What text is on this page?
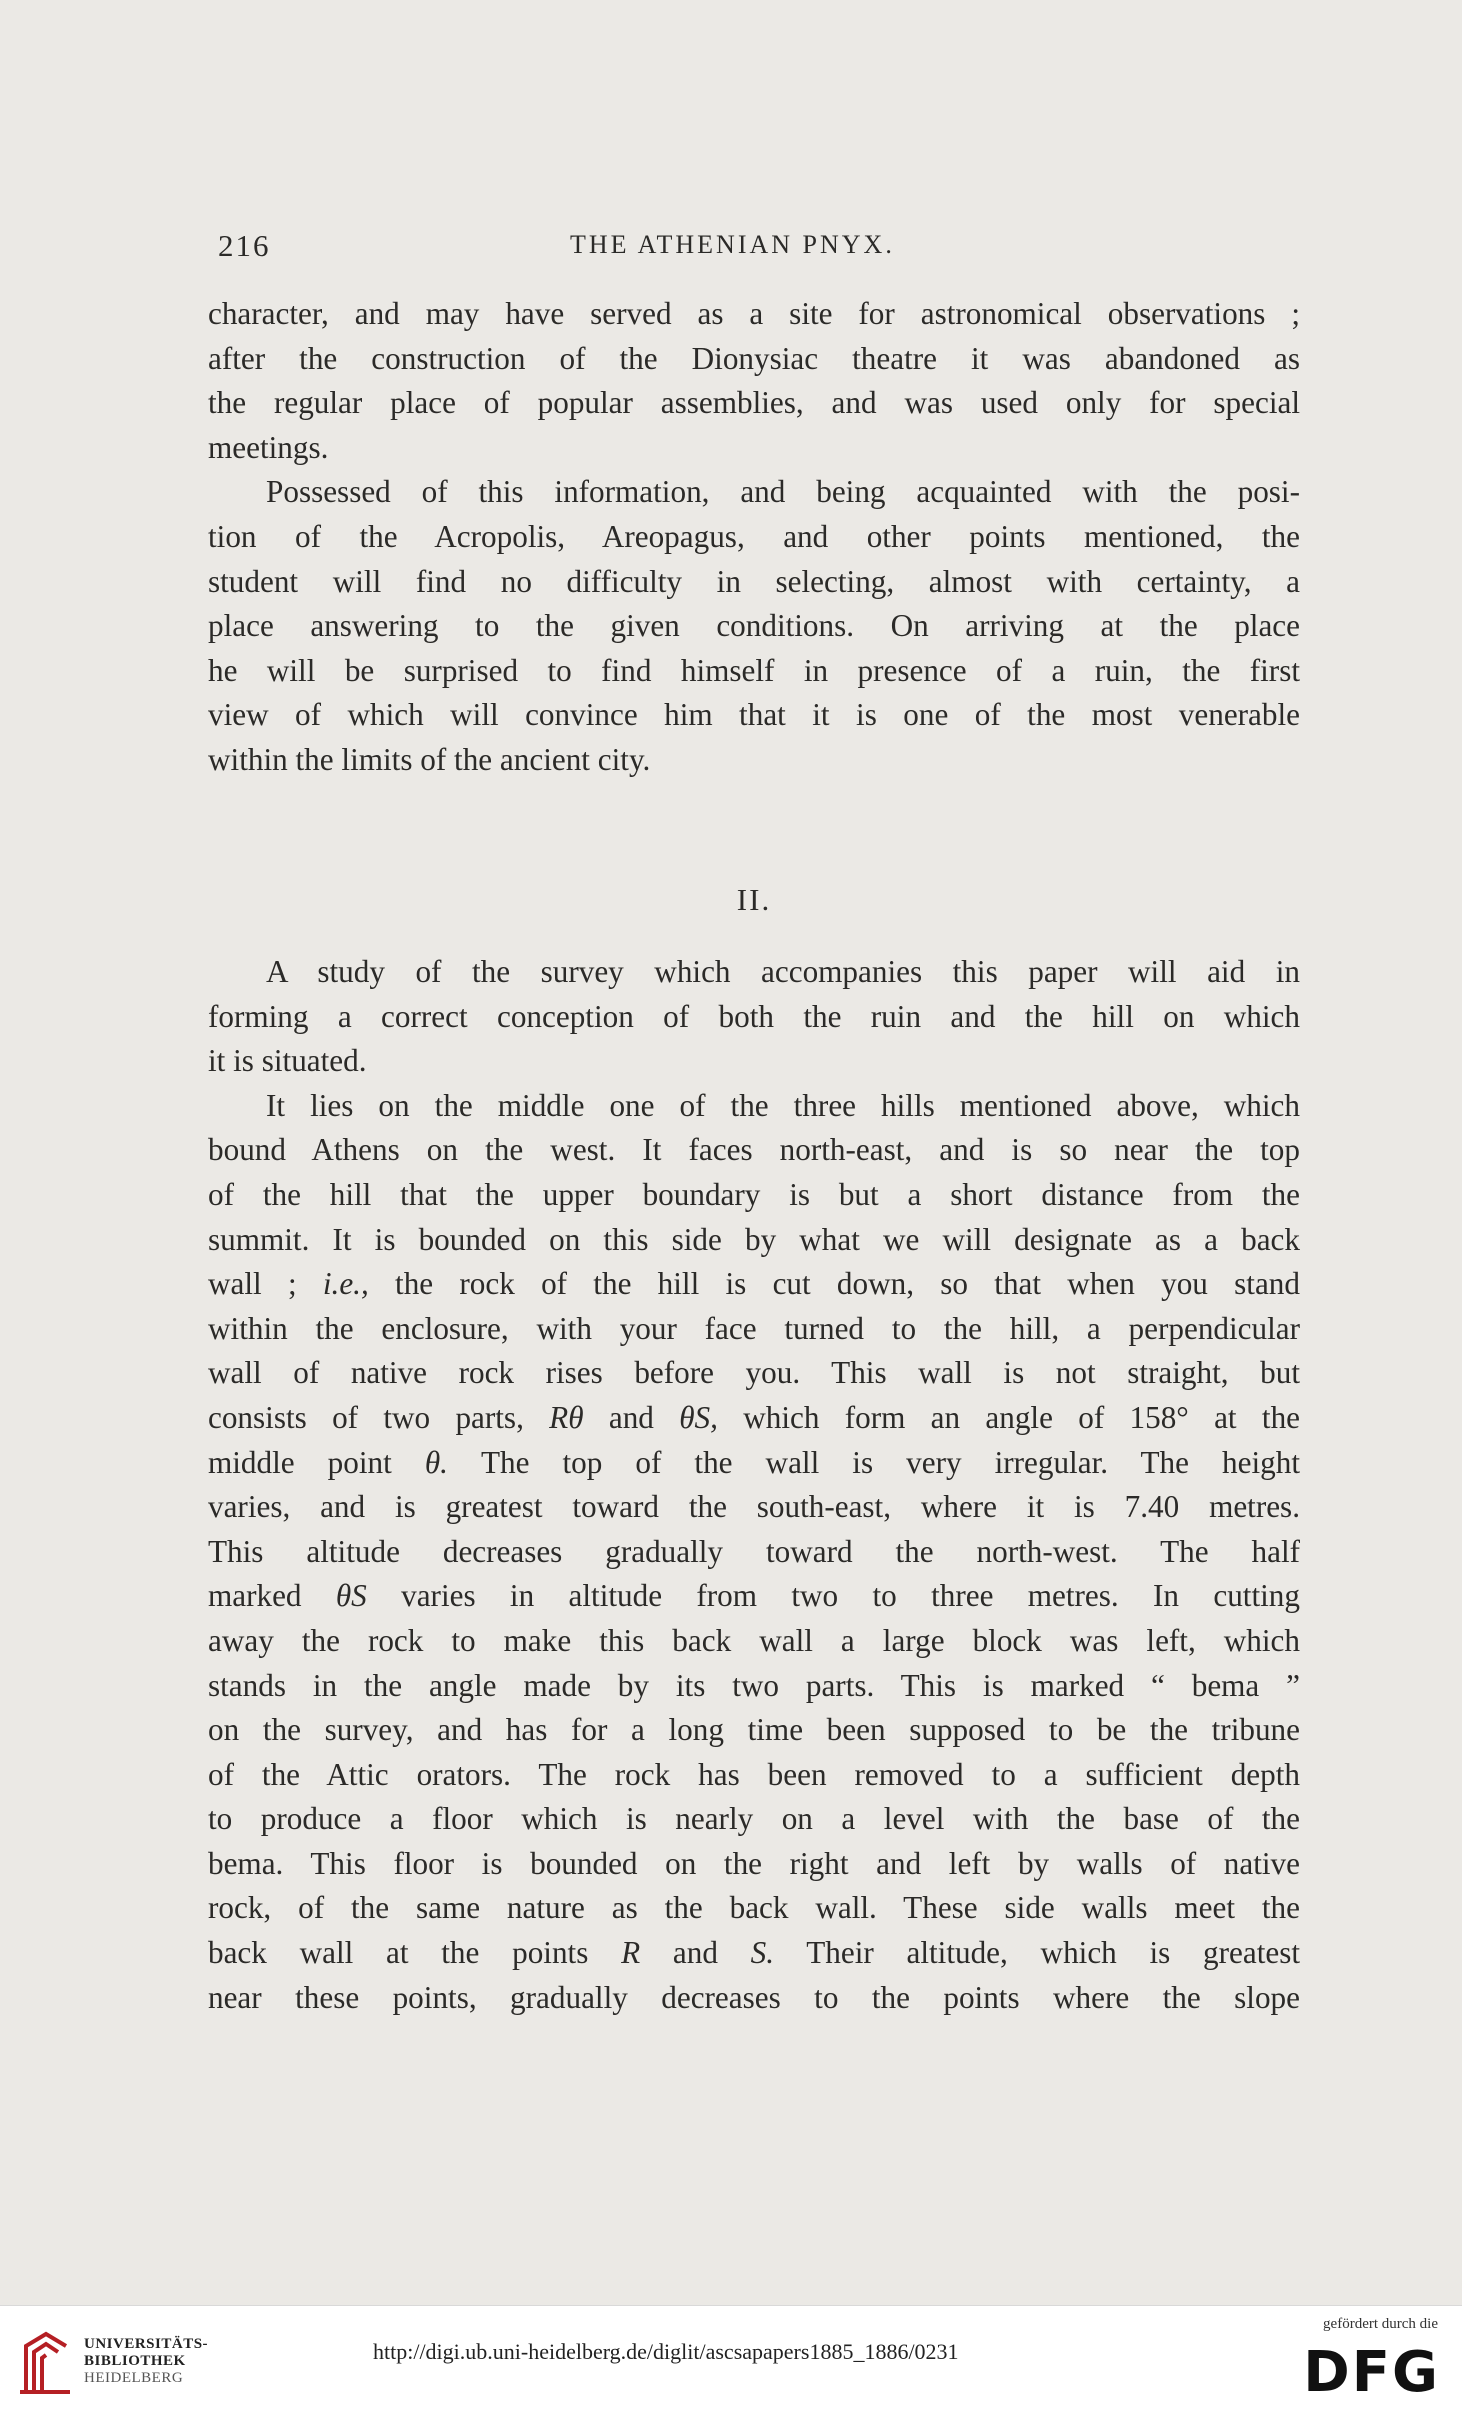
216	THE ATHENIAN PNYX.
character, and may have served as a site for astronomical observations ;
after the construction of the Dionysiac theatre it was abandoned as
the regular place of popular assemblies, and was used only for special
meetings.
Possessed of this information, and being acquainted with the posi-
tion of the Acropolis, Areopagus, and other points mentioned, the
student will find no difficulty in selecting, almost with certainty, a
place answering to the given conditions. On arriving at the place
he will be surprised to find himself in presence of a ruin, the first
view of which will convince him that it is one of the most venerable
within the limits of the ancient city.
II.
A study of the survey which accompanies this paper will aid in
forming a correct conception of both the ruin and the hill on which
it is situated.
It lies on the middle one of the three hills mentioned above, which
bound Athens on the west. It faces north-east, and is so near the top
of the hill that the upper boundary is but a short distance from the
summit. It is bounded on this side by what we will designate as a back
wall ; i.e., the rock of the hill is cut down, so that when you stand
within the enclosure, with your face turned to the hill, a perpendicular
wall of native rock rises before you. This wall is not straight, but
consists of two parts, Rθ and θS, which form an angle of 158° at the
middle point θ. The top of the wall is very irregular. The height
varies, and is greatest toward the south-east, where it is 7.40 metres.
This altitude decreases gradually toward the north-west. The half
marked θS varies in altitude from two to three metres. In cutting
away the rock to make this back wall a large block was left, which
stands in the angle made by its two parts. This is marked “ bema ”
on the survey, and has for a long time been supposed to be the tribune
of the Attic orators. The rock has been removed to a sufficient depth
to produce a floor which is nearly on a level with the base of the
bema. This floor is bounded on the right and left by walls of native
rock, of the same nature as the back wall. These side walls meet the
back wall at the points R and S. Their altitude, which is greatest
near these points, gradually decreases to the points where the slope
UNIVERSITÄTS-
BIBLIOTHEK
HEIDELBERG
http://digi.ub.uni-heidelberg.de/diglit/ascsapapers1885_1886/0231
gefördert durch die
DFG
